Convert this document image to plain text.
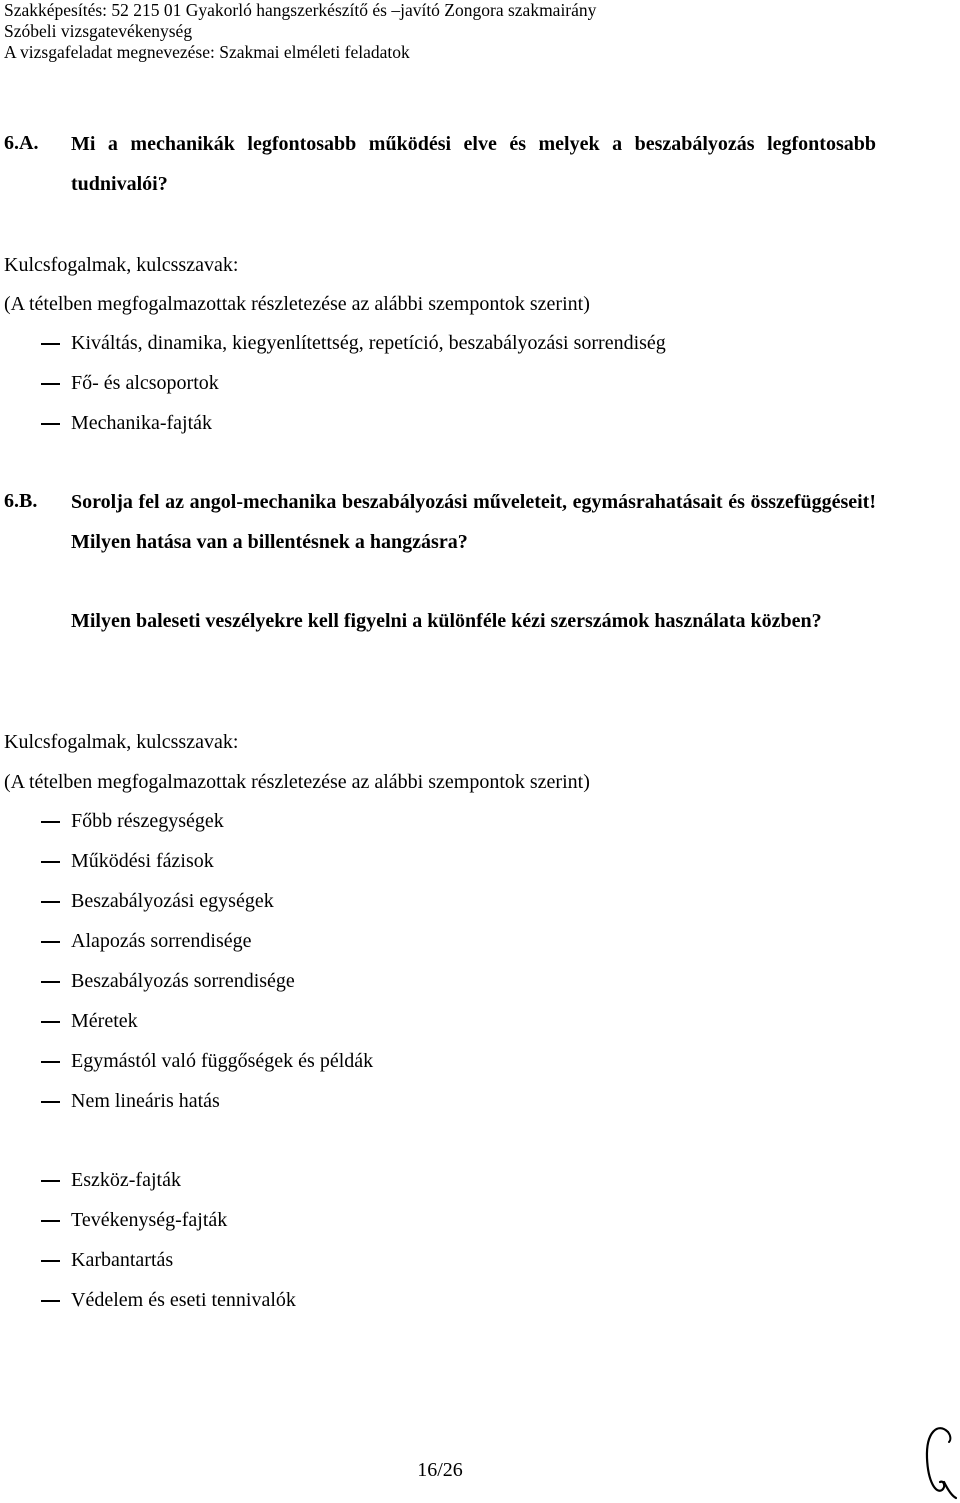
Szakképesítés: 52 215 01 Gyakorló hangszerkészítő és –javító Zongora szakmairány
Szóbeli vizsgatevékenység
A vizsgafeladat megnevezése: Szakmai elméleti feladatok
6.A. Mi a mechanikák legfontosabb működési elve és melyek a beszabályozás legfontosabb tudnivalói?
Kulcsfogalmak, kulcsszavak:
(A tételben megfogalmazottak részletezése az alábbi szempontok szerint)
Kiváltás, dinamika, kiegyenlítettség, repetíció, beszabályozási sorrendiség
Fő- és alcsoportok
Mechanika-fajták
6.B. Sorolja fel az angol-mechanika beszabályozási műveleteit, egymásrahatásait és összefüggéseit! Milyen hatása van a billentésnek a hangzásra?
Milyen baleseti veszélyekre kell figyelni a különféle kézi szerszámok használata közben?
Kulcsfogalmak, kulcsszavak:
(A tételben megfogalmazottak részletezése az alábbi szempontok szerint)
Főbb részegységek
Működési fázisok
Beszabályozási egységek
Alapozás sorrendisége
Beszabályozás sorrendisége
Méretek
Egymástól való függőségek és példák
Nem lineáris hatás
Eszköz-fajták
Tevékenység-fajták
Karbantartás
Védelem és eseti tennivalók
16/26
